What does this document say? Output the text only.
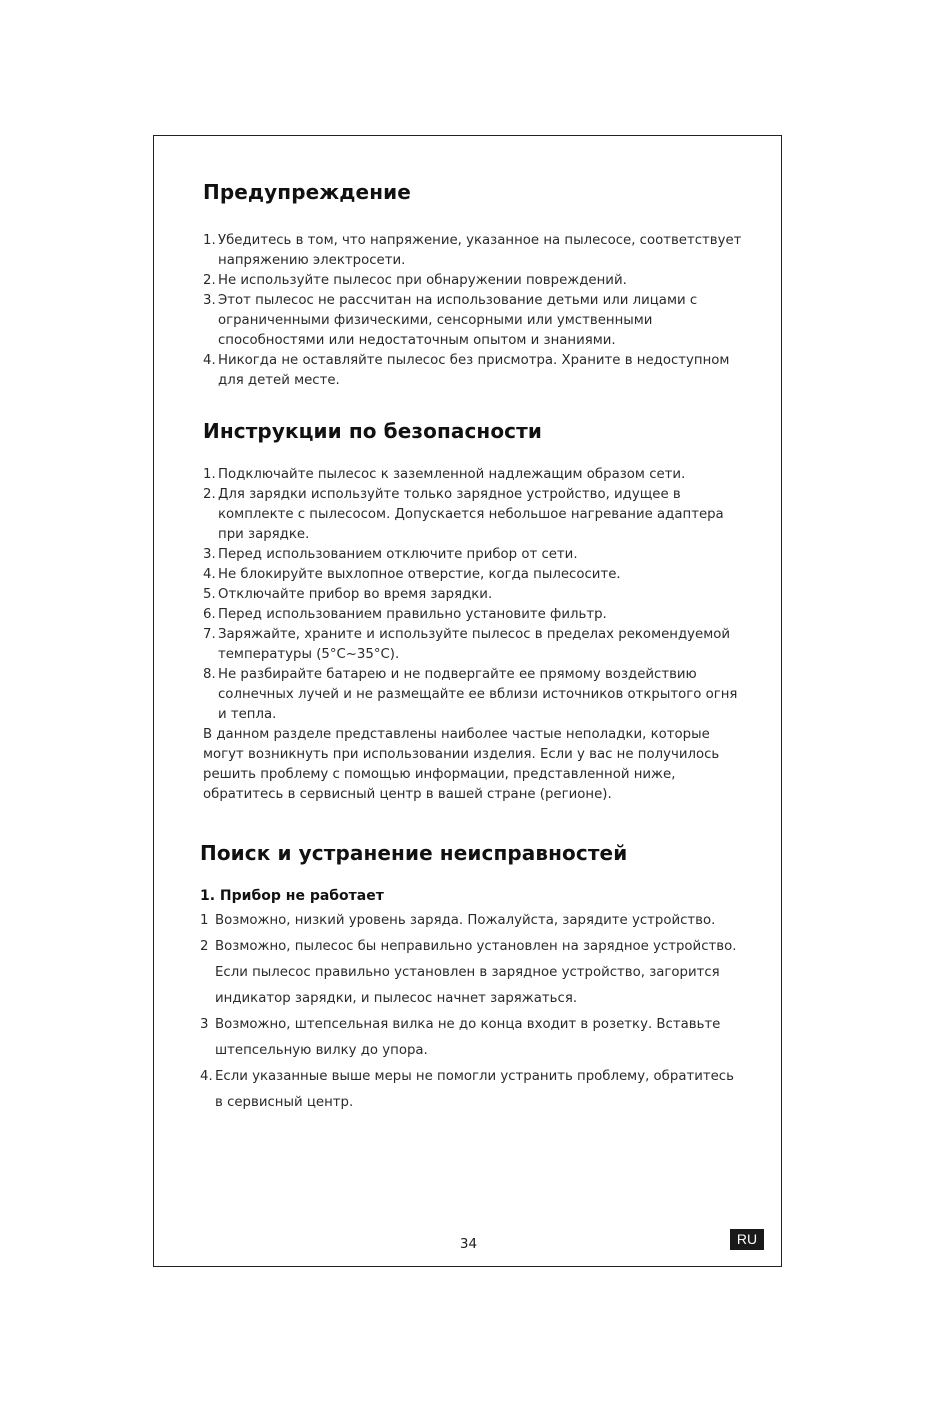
Предупреждение
1. Убедитесь в том, что напряжение, указанное на пылесосе, соответствует напряжению электросети.
2. Не используйте пылесос при обнаружении повреждений.
3. Этот пылесос не рассчитан на использование детьми или лицами с ограниченными физическими, сенсорными или умственными способностями или недостаточным опытом и знаниями.
4. Никогда не оставляйте пылесос без присмотра. Храните в недоступном для детей месте.
Инструкции по безопасности
1. Подключайте пылесос к заземленной надлежащим образом сети.
2. Для зарядки используйте только зарядное устройство, идущее в комплекте с пылесосом. Допускается небольшое нагревание адаптера при зарядке.
3. Перед использованием отключите прибор от сети.
4. Не блокируйте выхлопное отверстие, когда пылесосите.
5. Отключайте прибор во время зарядки.
6. Перед использованием правильно установите фильтр.
7. Заряжайте, храните и используйте пылесос в пределах рекомендуемой температуры (5°C~35°C).
8. Не разбирайте батарею и не подвергайте ее прямому воздействию солнечных лучей и не размещайте ее вблизи источников открытого огня и тепла.

В данном разделе представлены наиболее частые неполадки, которые могут возникнуть при использовании изделия. Если у вас не получилось решить проблему с помощью информации, представленной ниже, обратитесь в сервисный центр в вашей стране (регионе).

Поиск и устранение неисправностей

1. Прибор не работает

1 Возможно, низкий уровень заряда. Пожалуйста, зарядите устройство.
2 Возможно, пылесос бы неправильно установлен на зарядное устройство. Если пылесос правильно установлен в зарядное устройство, загорится индикатор зарядки, и пылесос начнет заряжаться.
3 Возможно, штепсельная вилка не до конца входит в розетку. Вставьте штепсельную вилку до упора.
4. Если указанные выше меры не помогли устранить проблему, обратитесь в сервисный центр.
34	RU
